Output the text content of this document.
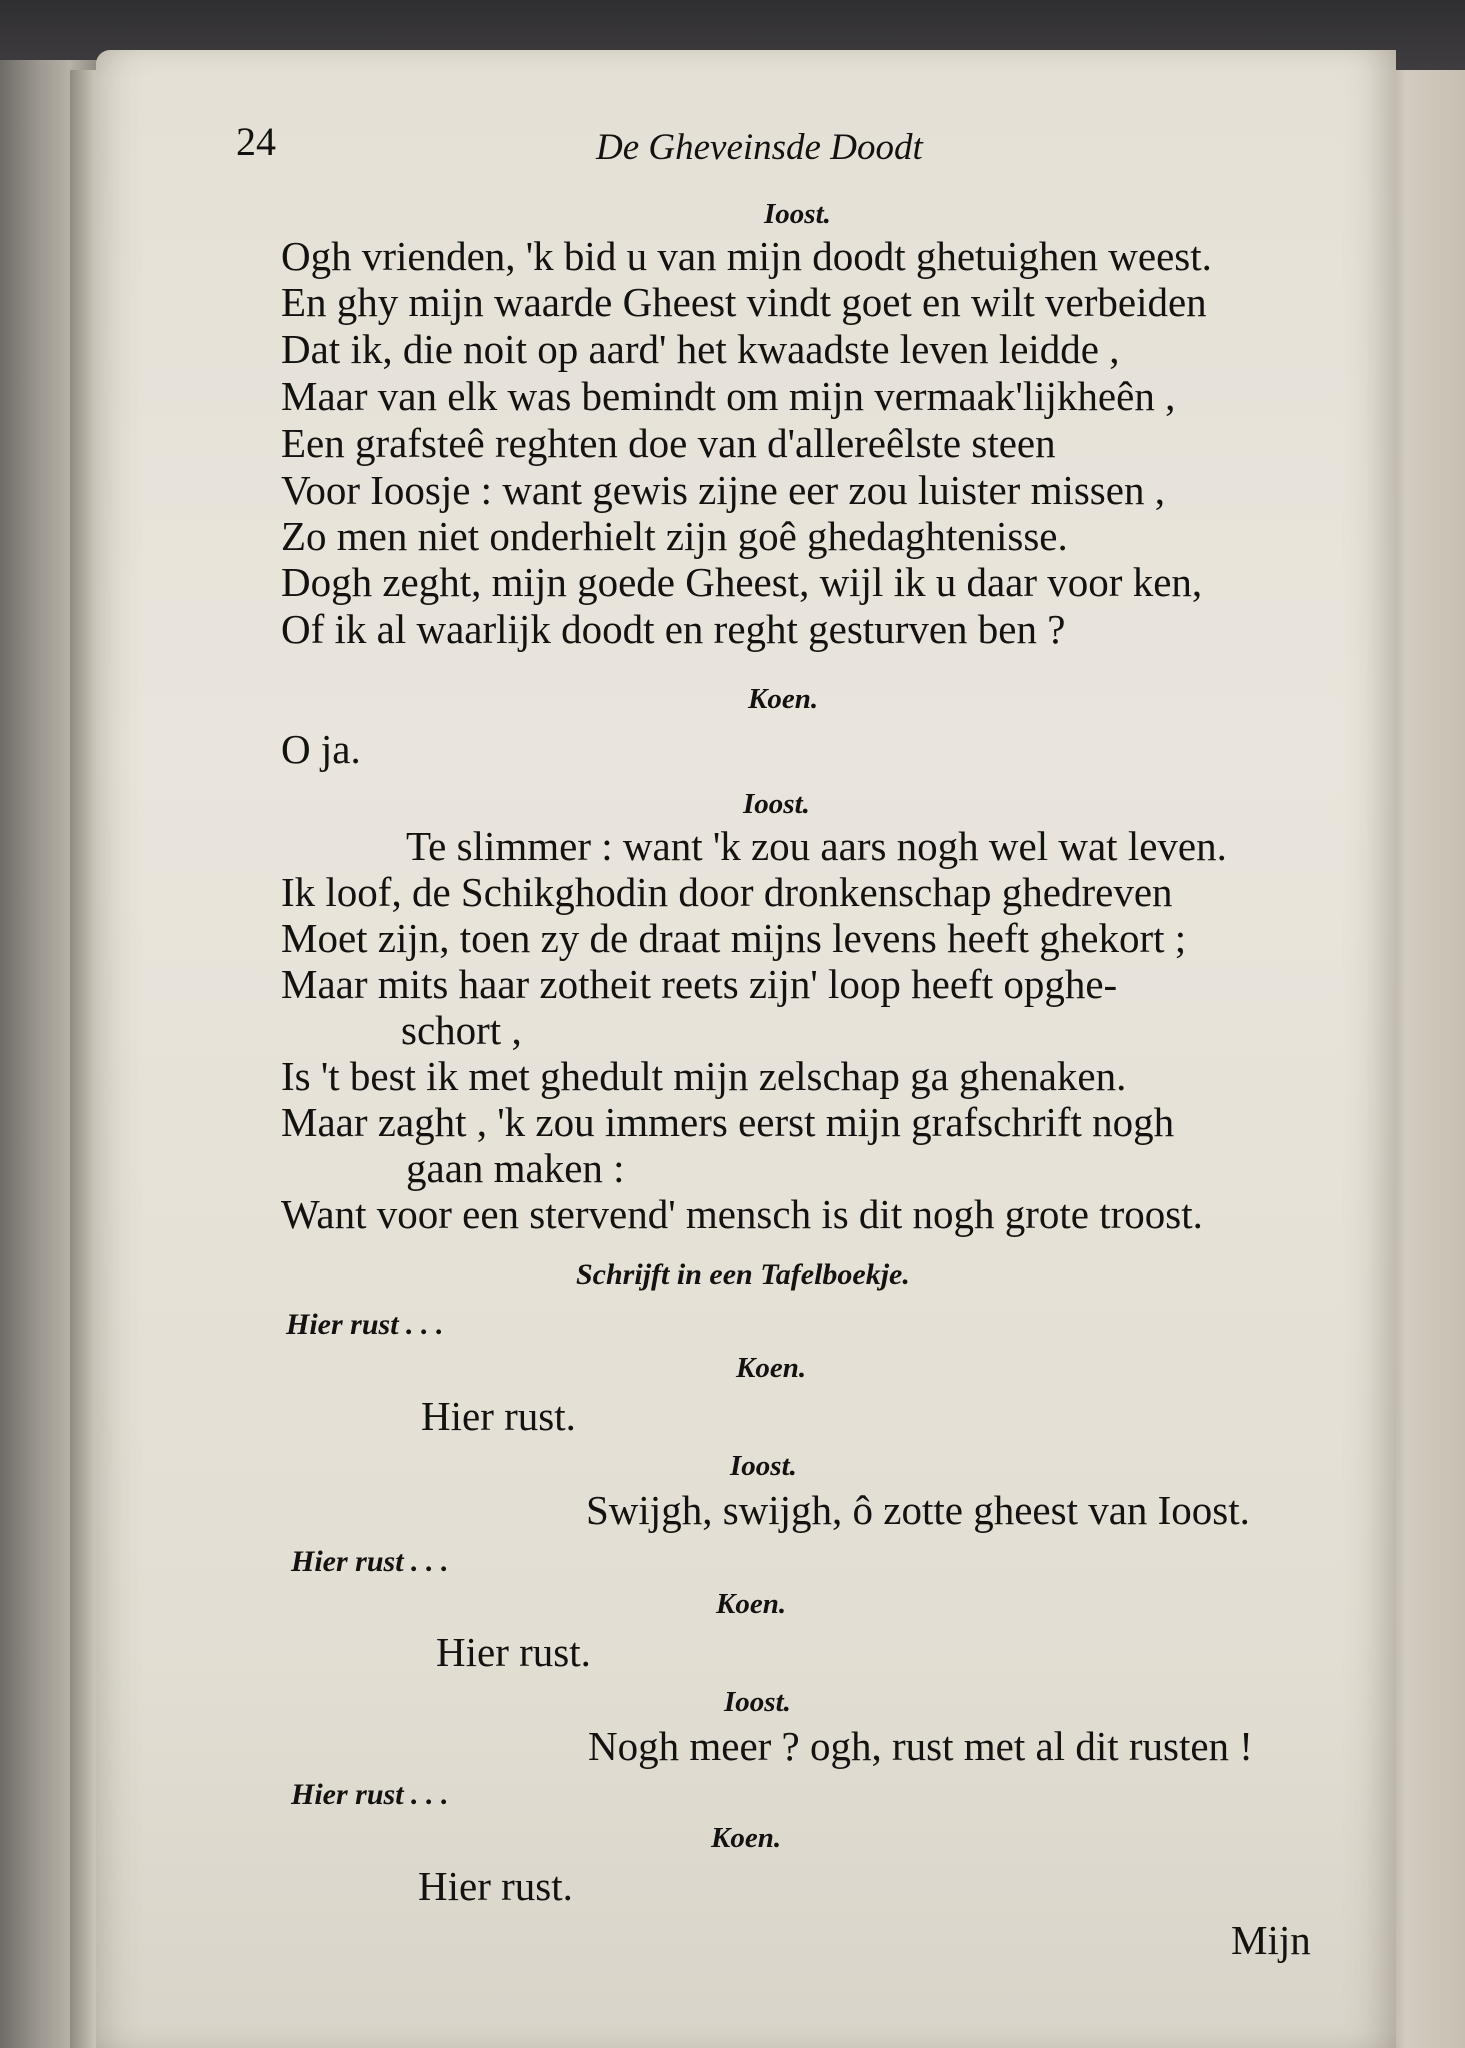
24	De Gheveinsde Doodt
Ioost.
Ogh vrienden, 'k bid u van mijn doodt ghetuighen weest.
En ghy mijn waarde Gheest vindt goet en wilt verbeiden
Dat ik, die noit op aard' het kwaadste leven leidde ,
Maar van elk was bemindt om mijn vermaak'lijkheên ,
Een grafsteê reghten doe van d'allereêlste steen
Voor Ioosje : want gewis zijne eer zou luister missen ,
Zo men niet onderhielt zijn goê ghedaghtenisse.
Dogh zeght, mijn goede Gheest, wijl ik u daar voor ken,
Of ik al waarlijk doodt en reght gesturven ben ?
Koen.
O ja.
Ioost.
Te slimmer : want 'k zou aars nogh wel wat leven.
Ik loof, de Schikghodin door dronkenschap ghedreven
Moet zijn, toen zy de draat mijns levens heeft ghekort ;
Maar mits haar zotheit reets zijn' loop heeft opghe-
schort ,
Is 't best ik met ghedult mijn zelschap ga ghenaken.
Maar zaght , 'k zou immers eerst mijn grafschrift nogh
gaan maken :
Want voor een stervend' mensch is dit nogh grote troost.
Schrijft in een Tafelboekje.
Hier rust . . .
Koen.
Hier rust.
Ioost.
Swijgh, swijgh, ô zotte gheest van Ioost.
Hier rust . . .
Koen.
Hier rust.
Ioost.
Nogh meer ? ogh, rust met al dit rusten !
Hier rust . . .
Koen.
Hier rust.
Mijn
